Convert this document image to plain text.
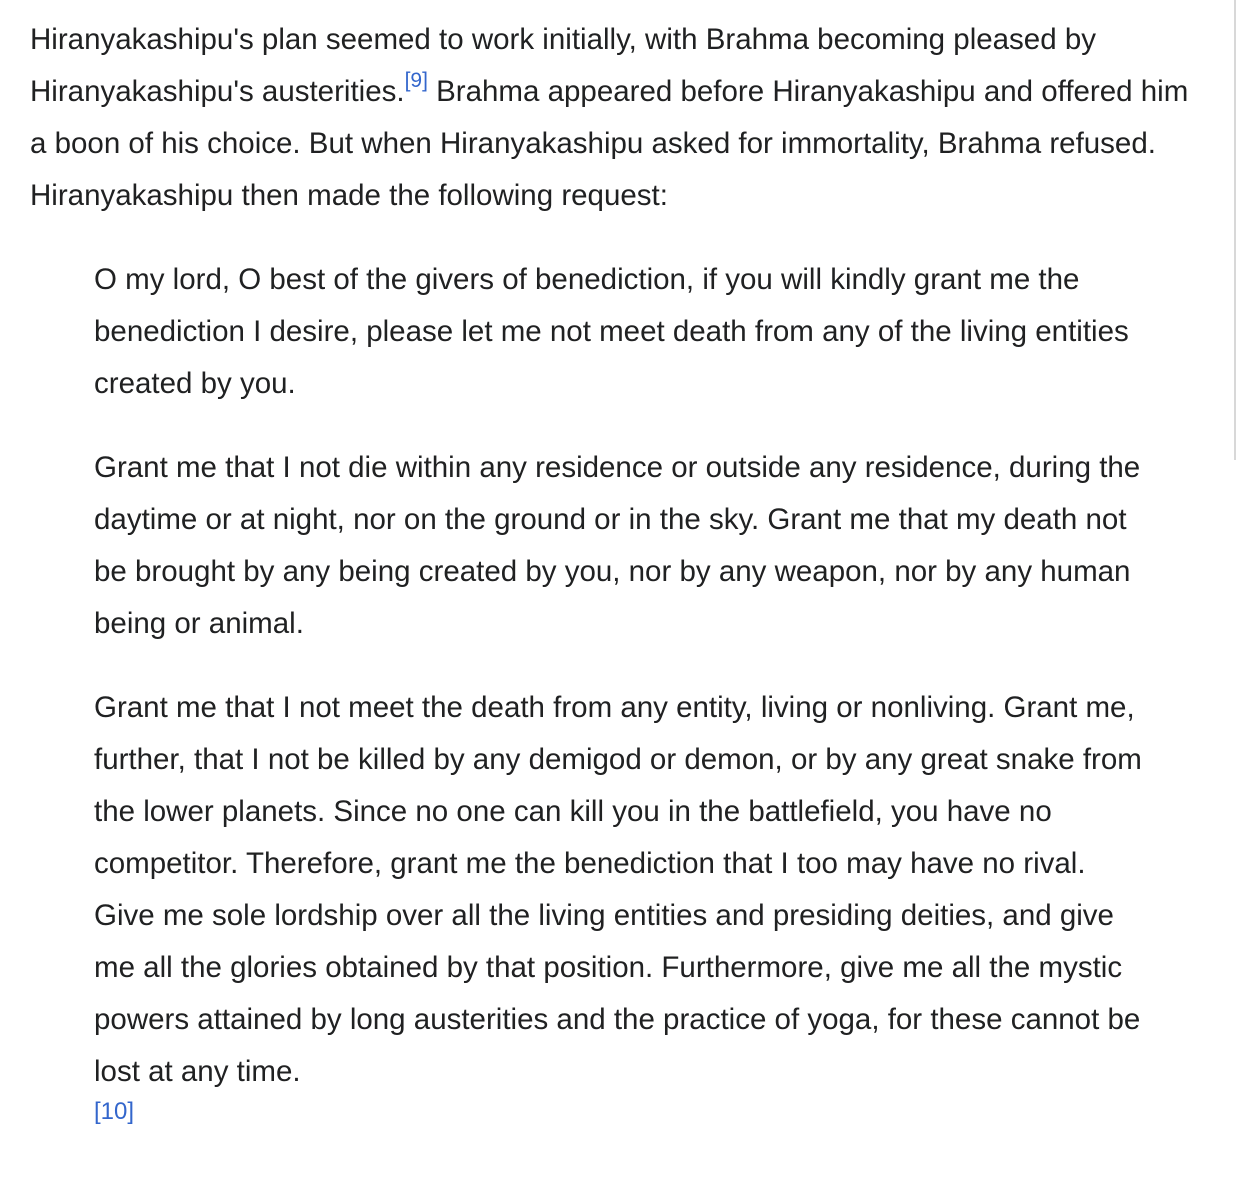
Hiranyakashipu's plan seemed to work initially, with Brahma becoming pleased by Hiranyakashipu's austerities.[9] Brahma appeared before Hiranyakashipu and offered him a boon of his choice. But when Hiranyakashipu asked for immortality, Brahma refused. Hiranyakashipu then made the following request:

O my lord, O best of the givers of benediction, if you will kindly grant me the benediction I desire, please let me not meet death from any of the living entities created by you.

Grant me that I not die within any residence or outside any residence, during the daytime or at night, nor on the ground or in the sky. Grant me that my death not be brought by any being created by you, nor by any weapon, nor by any human being or animal.

Grant me that I not meet the death from any entity, living or nonliving. Grant me, further, that I not be killed by any demigod or demon, or by any great snake from the lower planets. Since no one can kill you in the battlefield, you have no competitor. Therefore, grant me the benediction that I too may have no rival. Give me sole lordship over all the living entities and presiding deities, and give me all the glories obtained by that position. Furthermore, give me all the mystic powers attained by long austerities and the practice of yoga, for these cannot be lost at any time.

[10]
